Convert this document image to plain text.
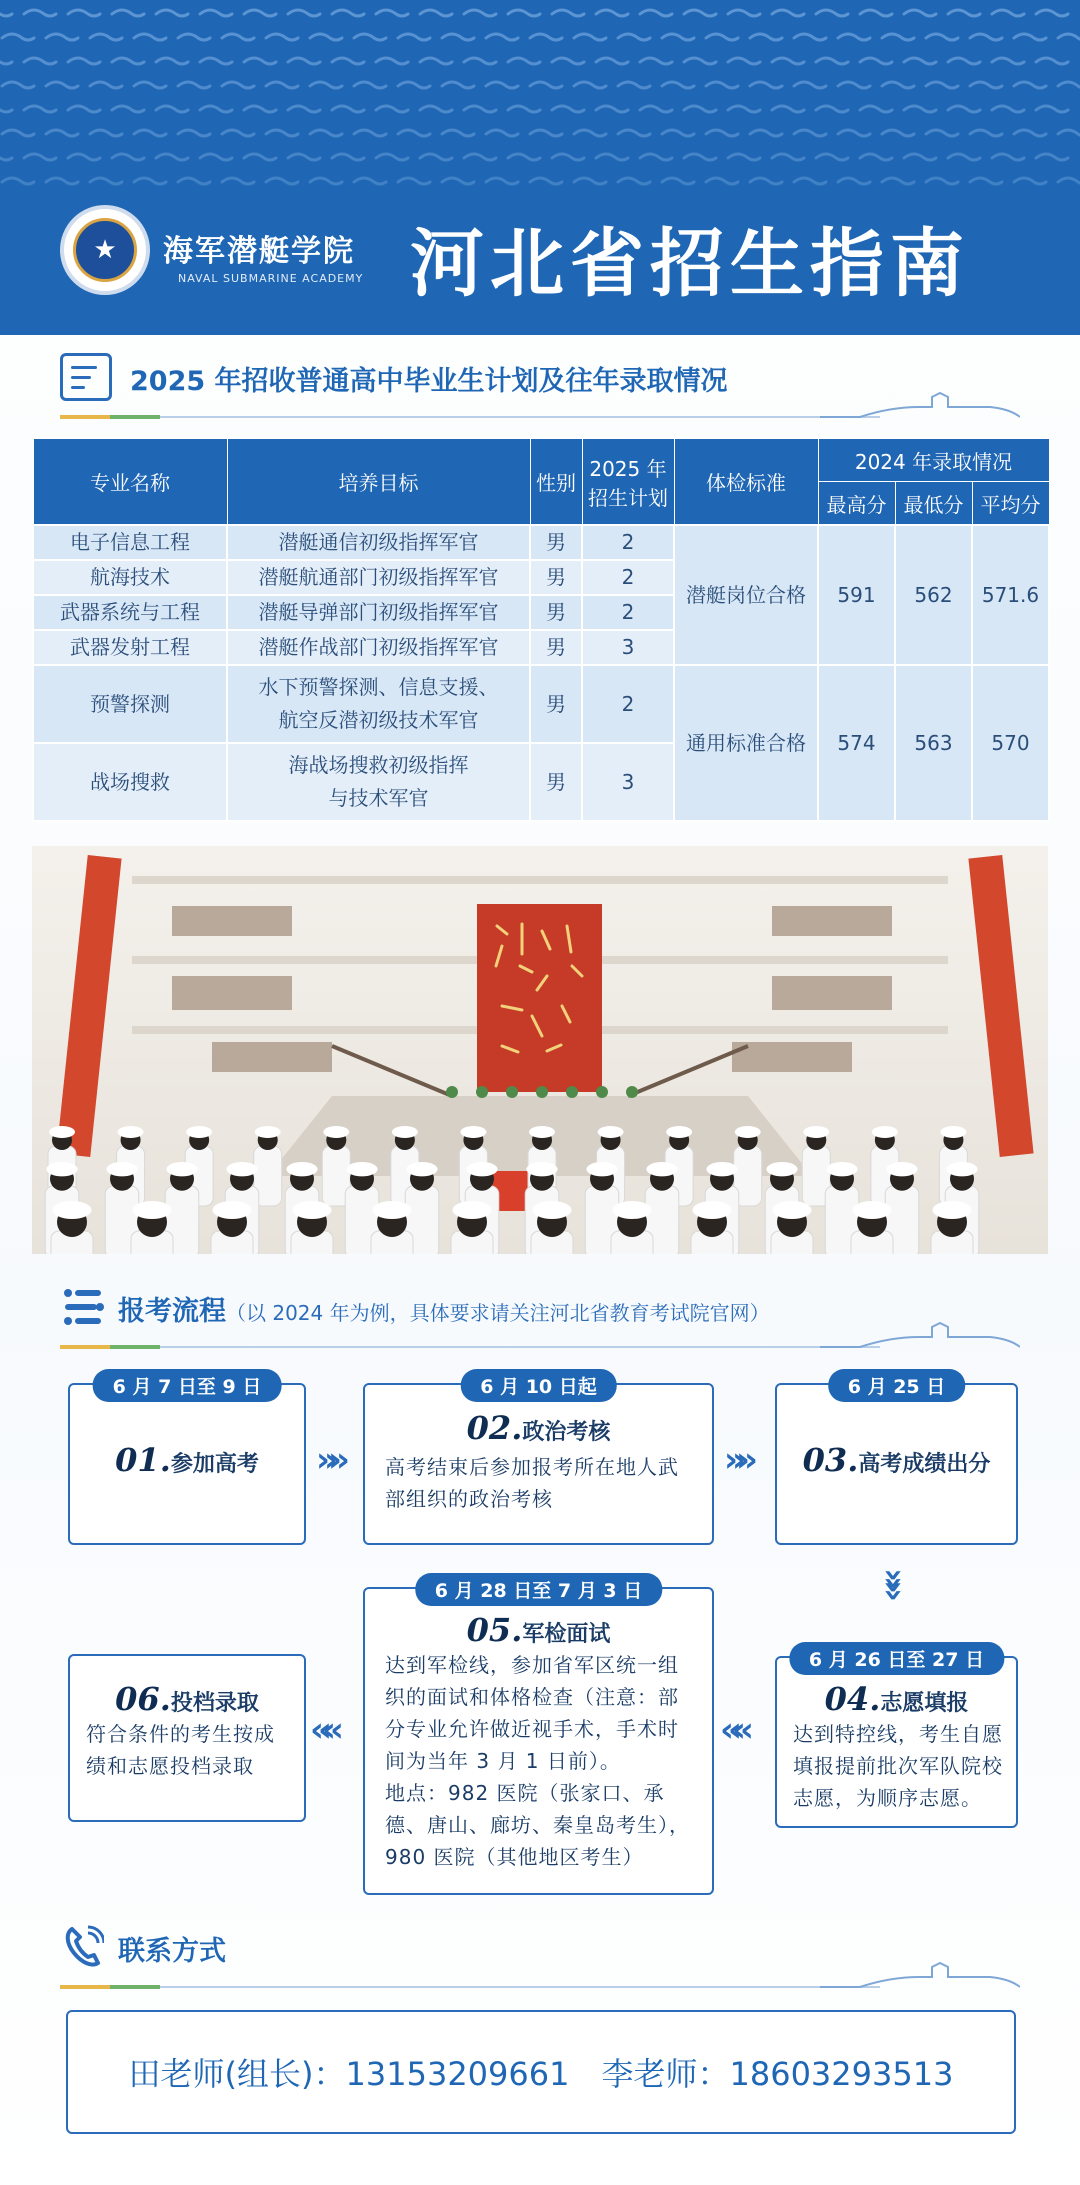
★	海军潜艇学院
NAVAL SUBMARINE ACADEMY 河北省招生指南
2025 年招收普通高中毕业生计划及往年录取情况
专业名称	培养目标	性别	2025 年
招生计划	体检标准	2024 年录取情况		
					最高分	最低分	平均分
电子信息工程	潜艇通信初级指挥军官	男	2	潜艇岗位合格	591	562	571.6
航海技术	潜艇航通部门初级指挥军官	男	2				
武器系统与工程	潜艇导弹部门初级指挥军官	男	2				
武器发射工程	潜艇作战部门初级指挥军官	男	3				
预警探测	水下预警探测、信息支援、
航空反潜初级技术军官	男	2	通用标准合格	574	563	570
战场搜救	海战场搜救初级指挥
与技术军官	男	3				
报考流程（以 2024 年为例，具体要求请关注河北省教育考试院官网）
6 月 7 日至 9 日
01.参加高考	»»
6 月 10 日起
02.政治考核
高考结束后参加报考所在地人武部组织的政治考核
»»
6 月 25 日
03.高考成绩出分
»»
6 月 26 日至 27 日
04.志愿填报
达到特控线，考生自愿填报提前批次军队院校志愿，为顺序志愿。
««
6 月 28 日至 7 月 3 日
05.军检面试
达到军检线，参加省军区统一组织的面试和体格检查（注意：部分专业允许做近视手术，手术时间为当年 3 月 1 日前）。
地点：982 医院（张家口、承德、唐山、廊坊、秦皇岛考生），980 医院（其他地区考生）
««
06.投档录取
符合条件的考生按成绩和志愿投档录取
联系方式
田老师(组长)：13153209661 李老师：18603293513
